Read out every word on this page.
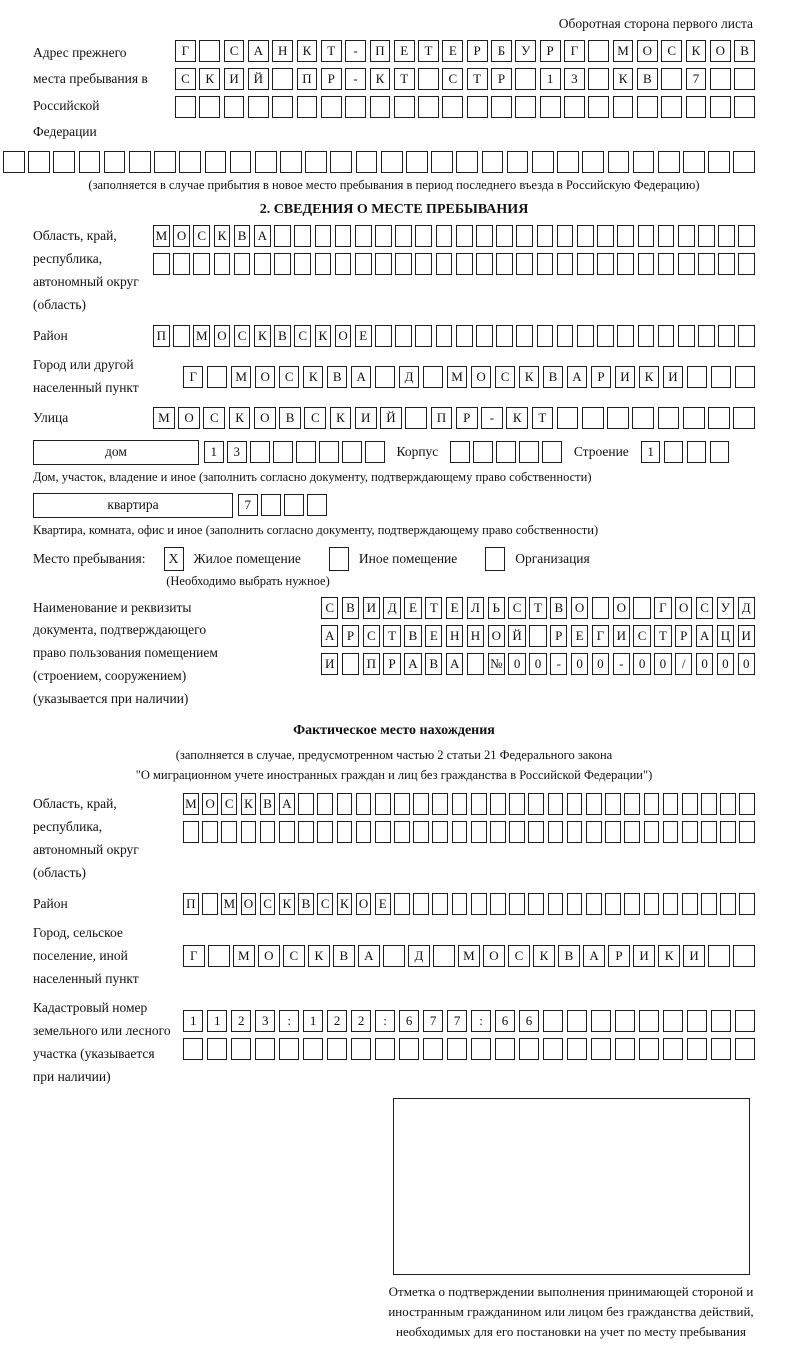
Оборотная сторона первого листа
Адрес прежнего места пребывания в Российской Федерации
Г	С	А	Н	К	Т	-	П	Е	Т	Е	Р	Б	У	Р	Г	М	О	С	К	О	В
С	К	И	Й	П	Р	-	К	Т	С	Т	Р	1	3	К	В	7
(заполняется в случае прибытия в новое место пребывания в период последнего въезда в Российскую Федерацию)
2. СВЕДЕНИЯ О МЕСТЕ ПРЕБЫВАНИЯ
Область, край, республика, автономный округ (область)
М О С К В А
Район	П М О С К В С К О Е
Город или другой населенный пункт
Г	М	О	С	К	В	А	Д	М	О	С	К	В	А	Р	И	К	И
Улица	М	О	С	К	О	В	С	К	И	Й	П	Р	-	К	Т
дом	1	3	Корпус	Строение	1
Дом, участок, владение и иное (заполнить согласно документу, подтверждающему право собственности)
квартира	7
Квартира, комната, офис и иное (заполнить согласно документу, подтверждающему право собственности)
Место пребывания:	X	Жилое помещение	Иное помещение	Организация
(Необходимо выбрать нужное)
Наименование и реквизиты документа, подтверждающего право пользования помещением (строением, сооружением) (указывается при наличии)
С В И Д Е Т Е Л Ь С Т В О	О	Г О С У Д
А Р С Т В Е Н Н О Й	Р	Е	Г И С Т	Р А Ц И
И	П Р А В А	№ 0	0	-	0	0	-	0	0	/	0	0	0
Фактическое место нахождения
(заполняется в случае, предусмотренном частью 2 статьи 21 Федерального закона
"О миграционном учете иностранных граждан и лиц без гражданства в Российской Федерации")
Область, край, республика, автономный округ (область)
М О С К В А
Район	П М О С К В С К О Е
Город, сельское поселение, иной населенный пункт
Г	М	О	С	К	В	А	Д	М	О	С	К	В	А	Р	И	К	И
Кадастровый номер земельного или лесного участка (указывается при наличии)
1	1	2	3	:	1	2	2	:	6	7	7	:	6	6
Отметка о подтверждении выполнения принимающей стороной и иностранным гражданином или лицом без гражданства действий, необходимых для его постановки на учет по месту пребывания
